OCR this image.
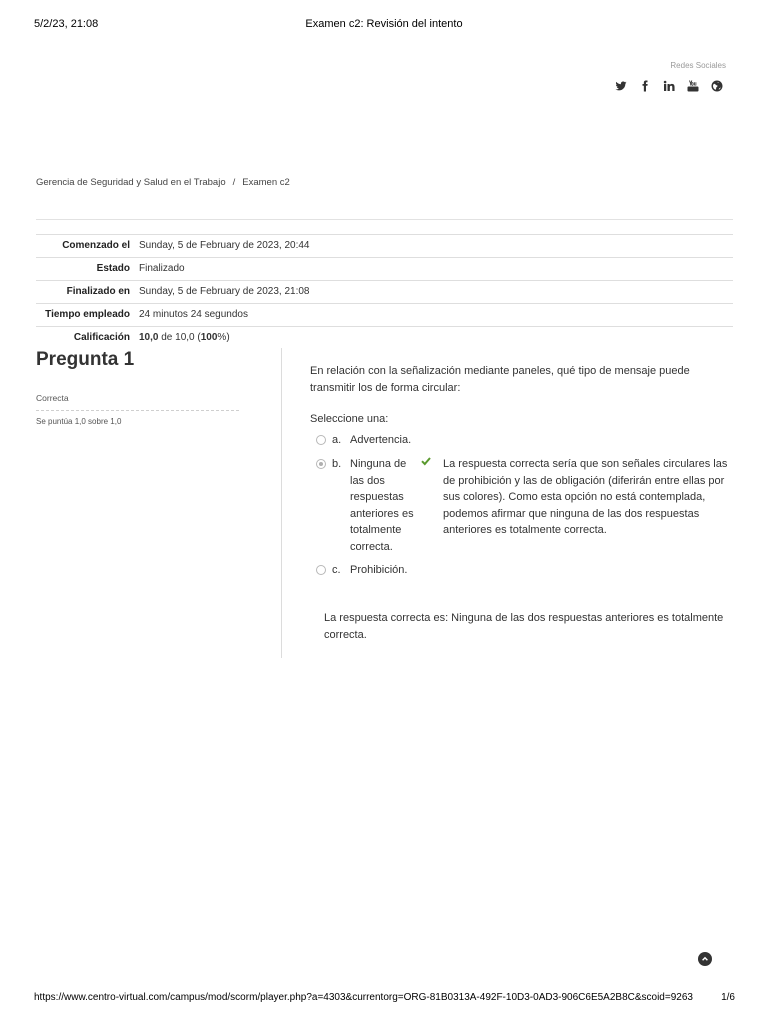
5/2/23, 21:08	Examen c2: Revisión del intento
Redes Sociales
Gerencia de Seguridad y Salud en el Trabajo / Examen c2
Comenzado el Sunday, 5 de February de 2023, 20:44
Estado Finalizado
Finalizado en Sunday, 5 de February de 2023, 21:08
Tiempo empleado 24 minutos 24 segundos
Calificación 10,0 de 10,0 (100%)
Pregunta 1
Correcta
Se puntúa 1,0 sobre 1,0
En relación con la señalización mediante paneles, qué tipo de mensaje puede transmitir los de forma circular:
Seleccione una:
a. Advertencia.
b. Ninguna de las dos respuestas anteriores es totalmente correcta.
La respuesta correcta sería que son señales circulares las de prohibición y las de obligación (diferirán entre ellas por sus colores). Como esta opción no está contemplada, podemos afirmar que ninguna de las dos respuestas anteriores es totalmente correcta.
c. Prohibición.
La respuesta correcta es: Ninguna de las dos respuestas anteriores es totalmente correcta.
https://www.centro-virtual.com/campus/mod/scorm/player.php?a=4303&currentorg=ORG-81B0313A-492F-10D3-0AD3-906C6E5A2B8C&scoid=9263	1/6
